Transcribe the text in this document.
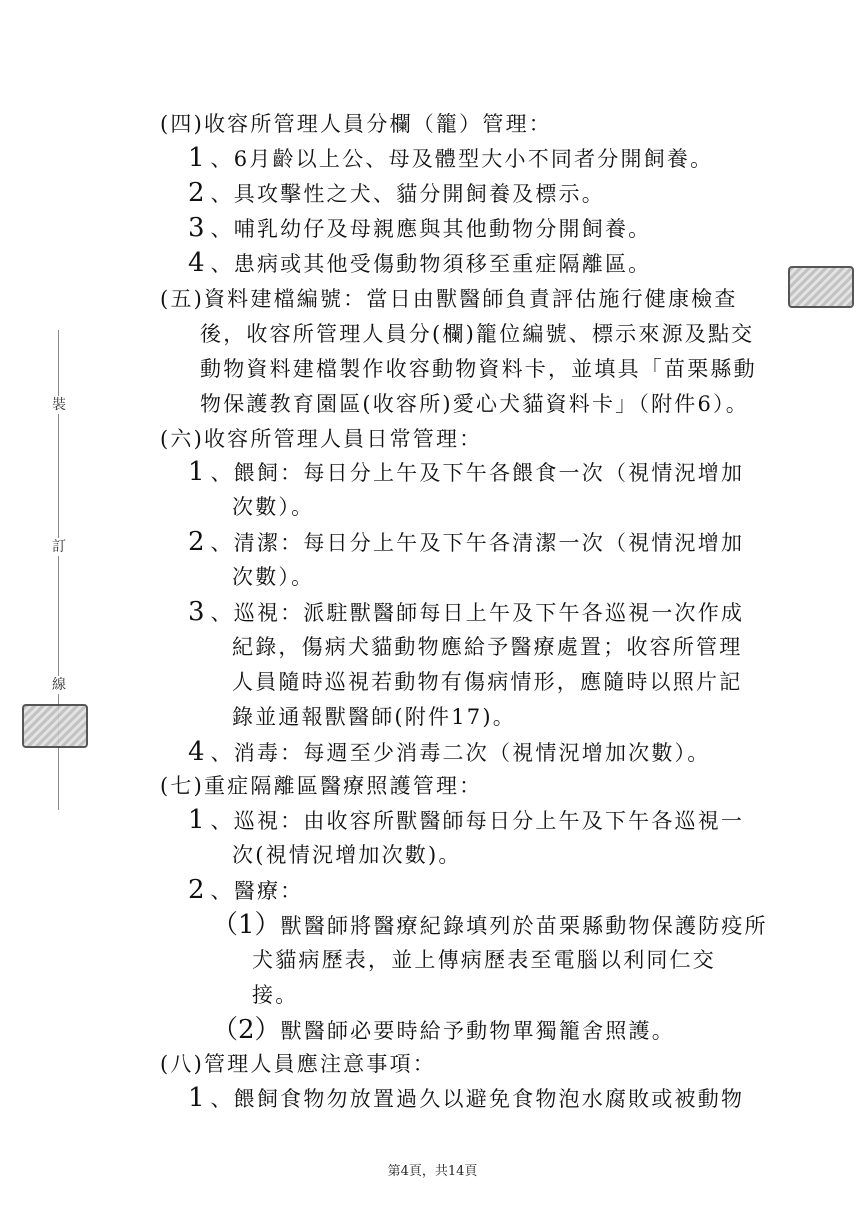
裝
訂
線
(四)收容所管理人員分欄（籠）管理：
1、6月齡以上公、母及體型大小不同者分開飼養。
2、具攻擊性之犬、貓分開飼養及標示。
3、哺乳幼仔及母親應與其他動物分開飼養。
4、患病或其他受傷動物須移至重症隔離區。
(五)資料建檔編號：當日由獸醫師負責評估施行健康檢查
後，收容所管理人員分(欄)籠位編號、標示來源及點交
動物資料建檔製作收容動物資料卡，並填具「苗栗縣動
物保護教育園區(收容所)愛心犬貓資料卡」（附件6）。
(六)收容所管理人員日常管理：
1、餵飼：每日分上午及下午各餵食一次（視情況增加
次數）。
2、清潔：每日分上午及下午各清潔一次（視情況增加
次數）。
3、巡視：派駐獸醫師每日上午及下午各巡視一次作成
紀錄，傷病犬貓動物應給予醫療處置；收容所管理
人員隨時巡視若動物有傷病情形，應隨時以照片記
錄並通報獸醫師(附件17)。
4、消毒：每週至少消毒二次（視情況增加次數）。
(七)重症隔離區醫療照護管理：
1、巡視：由收容所獸醫師每日分上午及下午各巡視一
次(視情況增加次數)。
2、醫療：
（1）獸醫師將醫療紀錄填列於苗栗縣動物保護防疫所
犬貓病歷表，並上傳病歷表至電腦以利同仁交
接。
（2）獸醫師必要時給予動物單獨籠舍照護。
(八)管理人員應注意事項：
1、餵飼食物勿放置過久以避免食物泡水腐敗或被動物
第4頁，共14頁
